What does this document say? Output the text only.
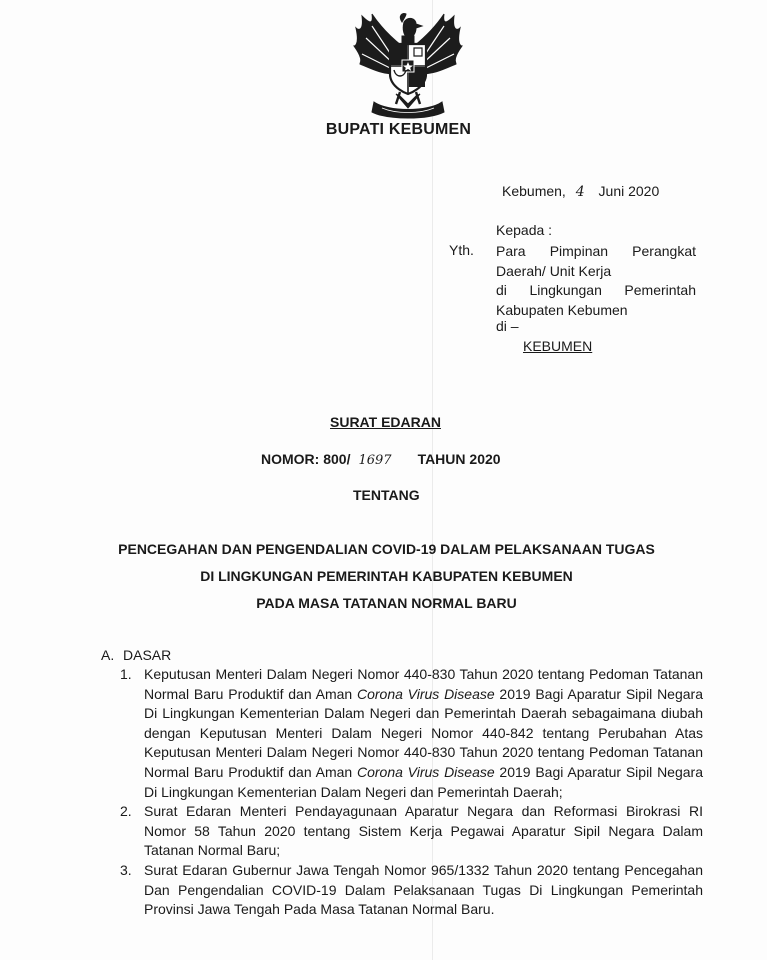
BUPATI KEBUMEN
Kebumen, 4 Juni 2020
Kepada :
Yth. Para Pimpinan Perangkat
Daerah/ Unit Kerja
di Lingkungan Pemerintah
Kabupaten Kebumen
di –
KEBUMEN
SURAT EDARAN
NOMOR: 800/ 1697 TAHUN 2020
TENTANG
PENCEGAHAN DAN PENGENDALIAN COVID-19 DALAM PELAKSANAAN TUGAS
DI LINGKUNGAN PEMERINTAH KABUPATEN KEBUMEN
PADA MASA TATANAN NORMAL BARU
A. DASAR
1. Keputusan Menteri Dalam Negeri Nomor 440-830 Tahun 2020 tentang Pedoman Tatanan Normal Baru Produktif dan Aman Corona Virus Disease 2019 Bagi Aparatur Sipil Negara Di Lingkungan Kementerian Dalam Negeri dan Pemerintah Daerah sebagaimana diubah dengan Keputusan Menteri Dalam Negeri Nomor 440-842 tentang Perubahan Atas Keputusan Menteri Dalam Negeri Nomor 440-830 Tahun 2020 tentang Pedoman Tatanan Normal Baru Produktif dan Aman Corona Virus Disease 2019 Bagi Aparatur Sipil Negara Di Lingkungan Kementerian Dalam Negeri dan Pemerintah Daerah;
2. Surat Edaran Menteri Pendayagunaan Aparatur Negara dan Reformasi Birokrasi RI Nomor 58 Tahun 2020 tentang Sistem Kerja Pegawai Aparatur Sipil Negara Dalam Tatanan Normal Baru;
3. Surat Edaran Gubernur Jawa Tengah Nomor 965/1332 Tahun 2020 tentang Pencegahan Dan Pengendalian COVID-19 Dalam Pelaksanaan Tugas Di Lingkungan Pemerintah Provinsi Jawa Tengah Pada Masa Tatanan Normal Baru.
